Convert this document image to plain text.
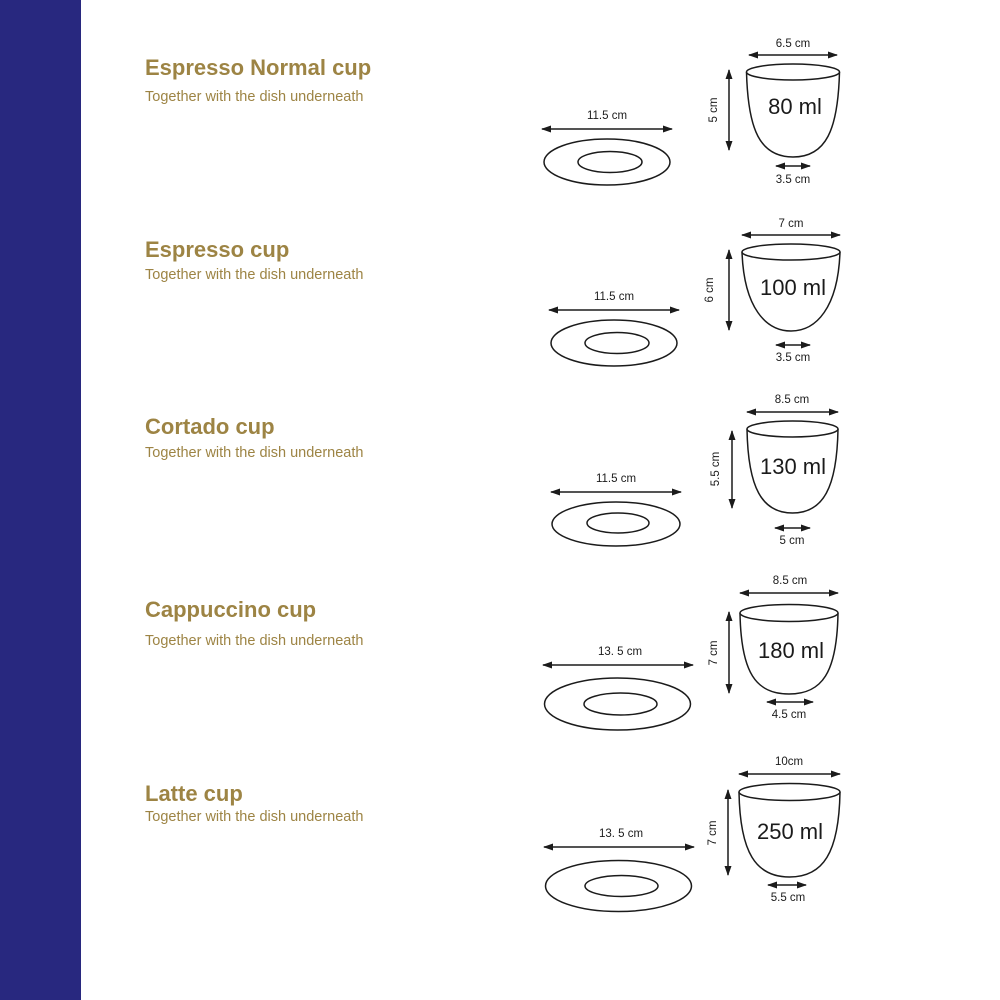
Espresso Normal cup
Together with the dish underneath
11.5 cm
6.5 cm
5 cm 80 ml
3.5 cm
Espresso cup
Together with the dish underneath
11.5 cm
7 cm
6 cm 100 ml
3.5 cm
Cortado cup
Together with the dish underneath
11.5 cm
8.5 cm
5.5 cm 130 ml
5 cm
Cappuccino cup
Together with the dish underneath
13. 5 cm
8.5 cm
7 cm 180 ml
4.5 cm
Latte cup
Together with the dish underneath
13. 5 cm
10cm
7 cm 250 ml
5.5 cm
